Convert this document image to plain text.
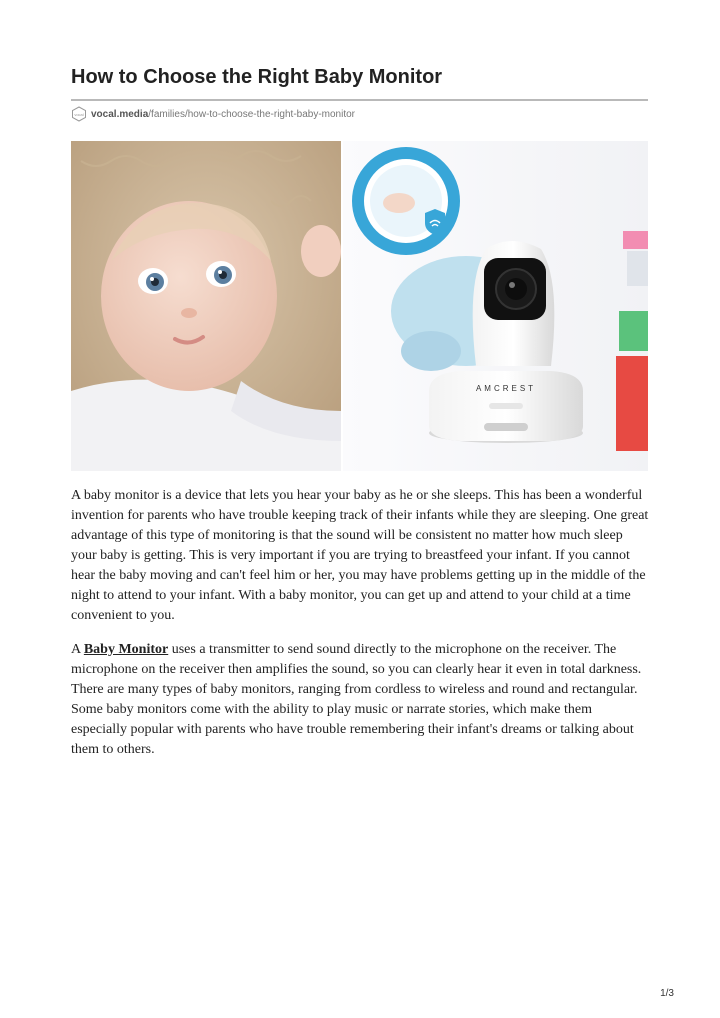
How to Choose the Right Baby Monitor
vocal vocal.media /families/how-to-choose-the-right-baby-monitor
AMCREST

A baby monitor is a device that lets you hear your baby as he or she sleeps. This has been a wonderful invention for parents who have trouble keeping track of their infants while they are sleeping. One great advantage of this type of monitoring is that the sound will be consistent no matter how much sleep your baby is getting. This is very important if you are trying to breastfeed your infant. If you cannot hear the baby moving and can't feel him or her, you may have problems getting up in the middle of the night to attend to your infant. With a baby monitor, you can get up and attend to your child at a time convenient to you.

A Baby Monitor uses a transmitter to send sound directly to the microphone on the receiver. The microphone on the receiver then amplifies the sound, so you can clearly hear it even in total darkness. There are many types of baby monitors, ranging from cordless to wireless and round and rectangular. Some baby monitors come with the ability to play music or narrate stories, which make them especially popular with parents who have trouble remembering their infant's dreams or talking about them to others.

1/3
